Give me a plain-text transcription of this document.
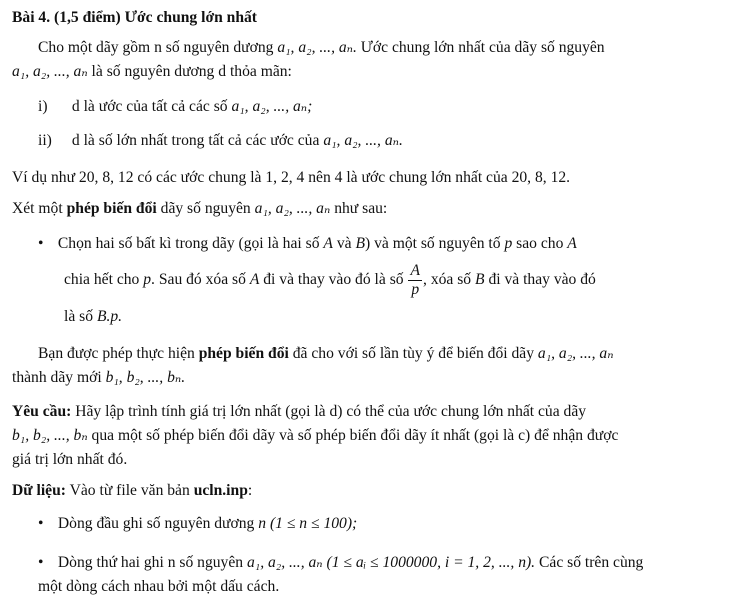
Bài 4. (1,5 điểm) Ước chung lớn nhất
Cho một dãy gồm n số nguyên dương a₁, a₂, ..., aₙ. Ước chung lớn nhất của dãy số nguyên
a₁, a₂, ..., aₙ là số nguyên dương d thỏa mãn:
i) d là ước của tất cả các số a₁, a₂, ..., aₙ;
ii) d là số lớn nhất trong tất cả các ước của a₁, a₂, ..., aₙ.
Ví dụ như 20, 8, 12 có các ước chung là 1, 2, 4 nên 4 là ước chung lớn nhất của 20, 8, 12.
Xét một phép biến đổi dãy số nguyên a₁, a₂, ..., aₙ như sau:
• Chọn hai số bất kì trong dãy (gọi là hai số A và B) và một số nguyên tố p sao cho A
chia hết cho p. Sau đó xóa số A đi và thay vào đó là số $\frac{A}{p}$ , xóa số B đi và thay vào đó
là số B.p.
Bạn được phép thực hiện phép biến đổi đã cho với số lần tùy ý để biến đổi dãy a₁, a₂, ..., aₙ
thành dãy mới b₁, b₂, ..., bₙ.
Yêu cầu: Hãy lập trình tính giá trị lớn nhất (gọi là d) có thể của ước chung lớn nhất của dãy
b₁, b₂, ..., bₙ qua một số phép biến đổi dãy và số phép biến đổi dãy ít nhất (gọi là c) để nhận được
giá trị lớn nhất đó.
Dữ liệu: Vào từ file văn bản ucln.inp:
• Dòng đầu ghi số nguyên dương n (1 ≤ n ≤ 100);
• Dòng thứ hai ghi n số nguyên a₁, a₂, ..., aₙ (1 ≤ aᵢ ≤ 1000000, i = 1, 2, ..., n). Các số trên cùng
một dòng cách nhau bởi một dấu cách.
